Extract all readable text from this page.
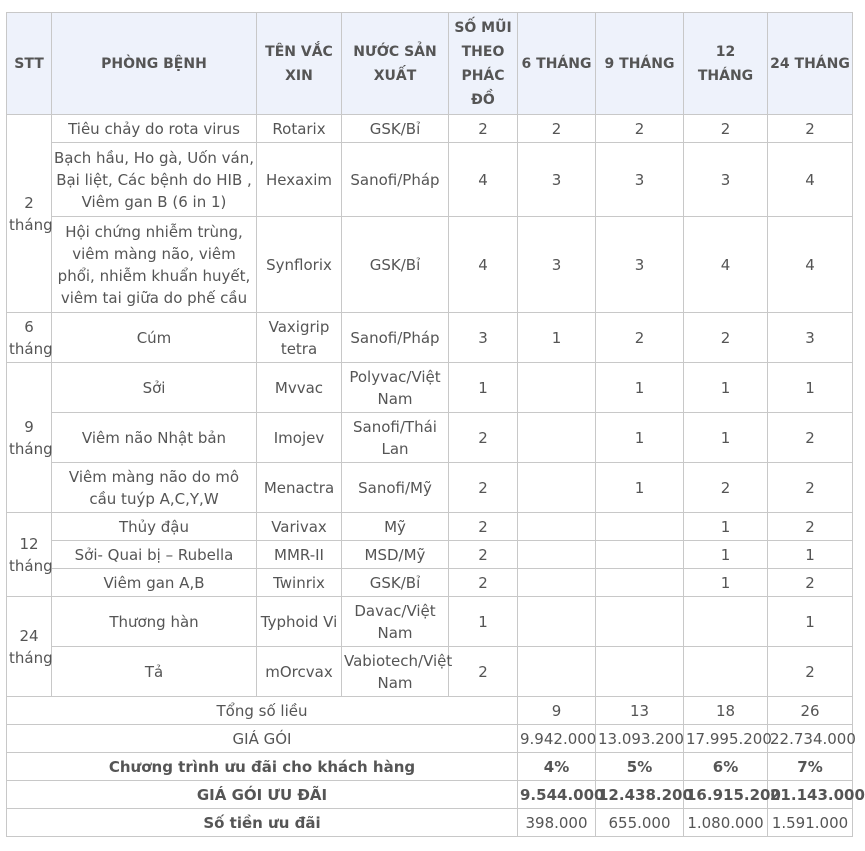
STT	PHÒNG BỆNH	TÊN VẮC XIN	NƯỚC SẢN XUẤT	SỐ MŨI THEO PHÁC ĐỒ	6 THÁNG	9 THÁNG	12 THÁNG	24 THÁNG
2 tháng	Tiêu chảy do rota virus	Rotarix	GSK/Bỉ	2	2	2	2	2
	Bạch hầu, Ho gà, Uốn ván, Bại liệt, Các bệnh do HIB , Viêm gan B (6 in 1)	Hexaxim	Sanofi/Pháp	4	3	3	3	4
	Hội chứng nhiễm trùng, viêm màng não, viêm phổi, nhiễm khuẩn huyết, viêm tai giữa do phế cầu	Synflorix	GSK/Bỉ	4	3	3	4	4
6 tháng	Cúm	Vaxigrip tetra	Sanofi/Pháp	3	1	2	2	3
9 tháng	Sởi	Mvvac	Polyvac/Việt Nam	1		1	1	1
	Viêm não Nhật bản	Imojev	Sanofi/Thái Lan	2		1	1	2
	Viêm màng não do mô cầu tuýp A,C,Y,W	Menactra	Sanofi/Mỹ	2		1	2	2
12 tháng	Thủy đậu	Varivax	Mỹ	2			1	2
	Sởi- Quai bị – Rubella	MMR-II	MSD/Mỹ	2			1	1
	Viêm gan A,B	Twinrix	GSK/Bỉ	2			1	2
24 tháng	Thương hàn	Typhoid Vi	Davac/Việt Nam	1				1
	Tả	mOrcvax	Vabiotech/Việt Nam	2				2
Tổng số liều					9	13	18	26
GIÁ GÓI					9.942.000	13.093.200	17.995.200	22.734.000
Chương trình ưu đãi cho khách hàng					4%	5%	6%	7%
GIÁ GÓI ƯU ĐÃI					9.544.000	12.438.200	16.915.200	21.143.000
Số tiền ưu đãi					398.000	655.000	1.080.000	1.591.000
